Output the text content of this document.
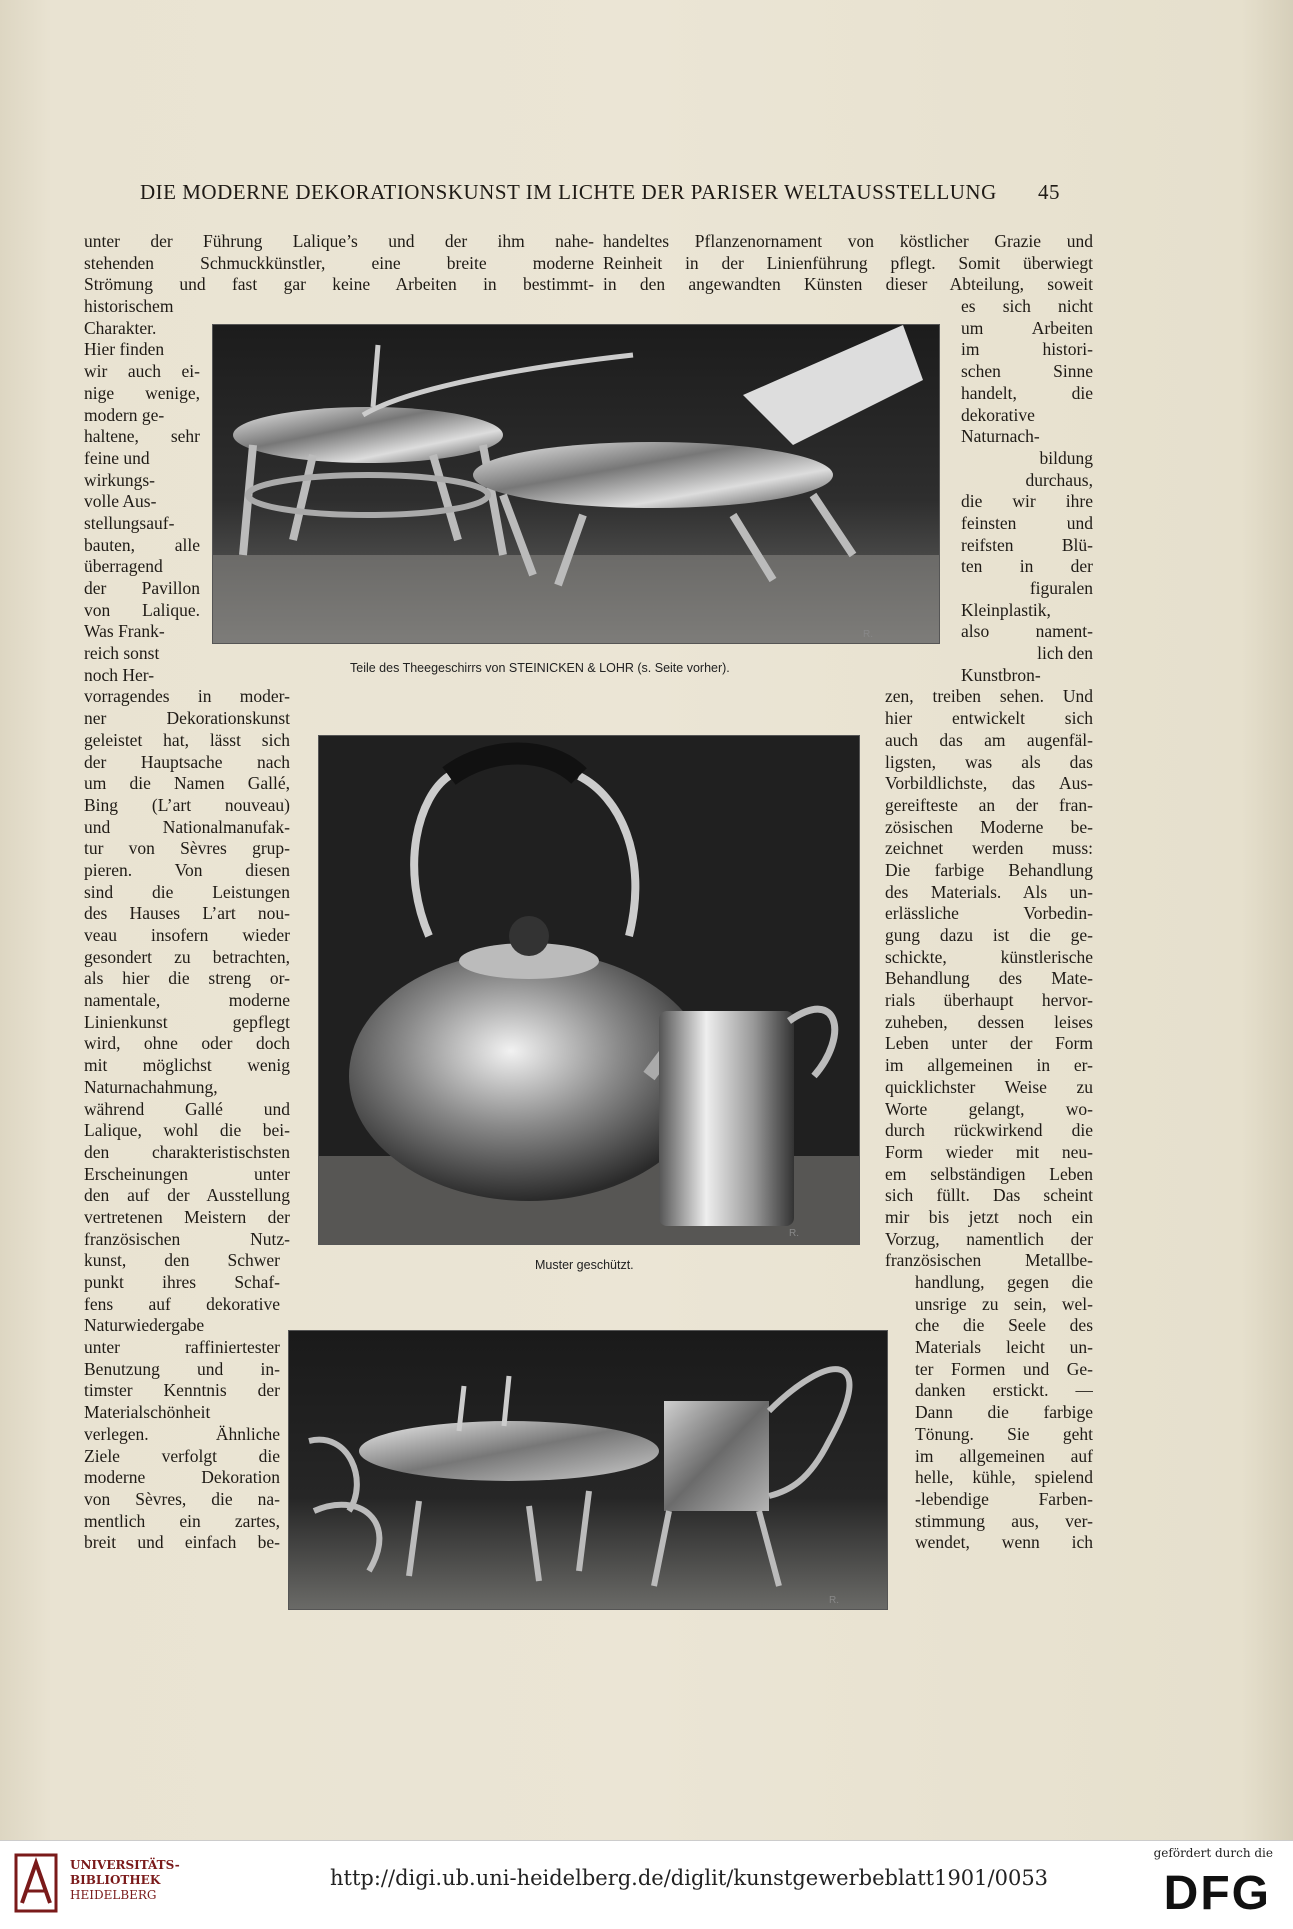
DIE MODERNE DEKORATIONSKUNST IM LICHTE DER PARISER WELTAUSSTELLUNG 45
R.
Teile des Theegeschirrs von STEINICKEN & LOHR (s. Seite vorher).
R.
Muster geschützt.
R.
unter der Führung Lalique’s und der ihm nahe-
stehenden Schmuckkünstler, eine breite moderne
Strömung und fast gar keine Arbeiten in bestimmt-
historischem
Charakter.
Hier finden
wir auch ei-
nige wenige,
modern ge-
haltene, sehr
feine und
wirkungs-
volle Aus-
stellungsauf-
bauten, alle
überragend
der Pavillon
von Lalique.
Was Frank-
reich sonst
noch Her-
vorragendes in moder-
ner Dekorationskunst
geleistet hat, lässt sich
der Hauptsache nach
um die Namen Gallé,
Bing (L’art nouveau)
und Nationalmanufak-
tur von Sèvres grup-
pieren. Von diesen
sind die Leistungen
des Hauses L’art nou-
veau insofern wieder
gesondert zu betrachten,
als hier die streng or-
namentale, moderne
Linienkunst gepflegt
wird, ohne oder doch
mit möglichst wenig
Naturnachahmung,
während Gallé und
Lalique, wohl die bei-
den charakteristischsten
Erscheinungen unter
den auf der Ausstellung
vertretenen Meistern der
französischen Nutz-
kunst, den Schwer
punkt ihres Schaf-
fens auf dekorative
Naturwiedergabe
unter raffiniertester
Benutzung und in-
timster Kenntnis der
Materialschönheit
verlegen. Ähnliche
Ziele verfolgt die
moderne Dekoration
von Sèvres, die na-
mentlich ein zartes,
breit und einfach be-
handeltes Pflanzenornament von köstlicher Grazie und
Reinheit in der Linienführung pflegt. Somit überwiegt
in den angewandten Künsten dieser Abteilung, soweit
es sich nicht
um Arbeiten
im histori-
schen Sinne
handelt, die
dekorative
Naturnach-
bildung
durchaus,
die wir ihre
feinsten und
reifsten Blü-
ten in der
figuralen
Kleinplastik,
also nament-
lich den
Kunstbron-
zen, treiben sehen. Und
hier entwickelt sich
auch das am augenfäl-
ligsten, was als das
Vorbildlichste, das Aus-
gereifteste an der fran-
zösischen Moderne be-
zeichnet werden muss:
Die farbige Behandlung
des Materials. Als un-
erlässliche Vorbedin-
gung dazu ist die ge-
schickte, künstlerische
Behandlung des Mate-
rials überhaupt hervor-
zuheben, dessen leises
Leben unter der Form
im allgemeinen in er-
quicklichster Weise zu
Worte gelangt, wo-
durch rückwirkend die
Form wieder mit neu-
em selbständigen Leben
sich füllt. Das scheint
mir bis jetzt noch ein
Vorzug, namentlich der
französischen Metallbe-
handlung, gegen die
unsrige zu sein, wel-
che die Seele des
Materials leicht un-
ter Formen und Ge-
danken erstickt. —
Dann die farbige
Tönung. Sie geht
im allgemeinen auf
helle, kühle, spielend
-lebendige Farben-
stimmung aus, ver-
wendet, wenn ich
UNIVERSITÄTS-
BIBLIOTHEK
HEIDELBERG
http://digi.ub.uni-heidelberg.de/diglit/kunstgewerbeblatt1901/0053
gefördert durch die
DFG
